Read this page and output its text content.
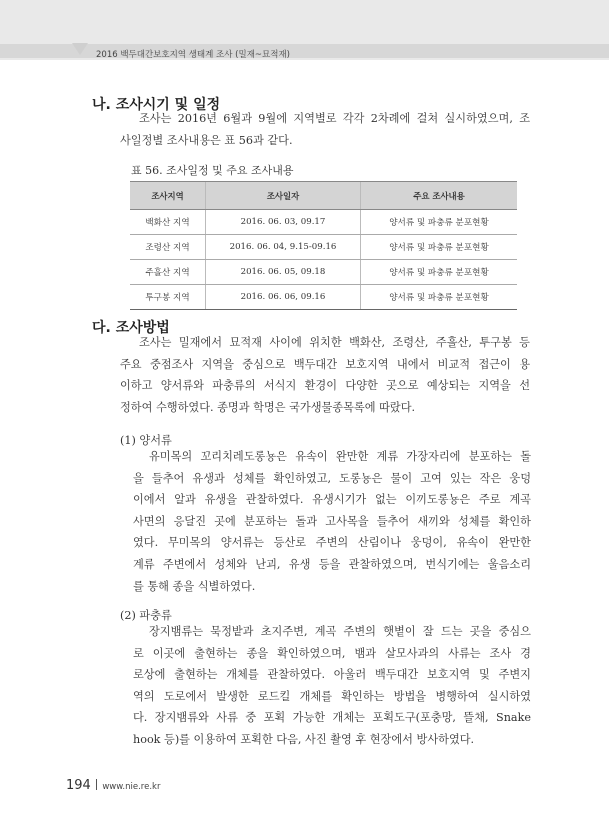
2016 백두대간보호지역 생태계 조사 (밀재~묘적재)
나. 조사시기 및 일정
조사는 2016년 6월과 9월에 지역별로 각각 2차례에 걸쳐 실시하였으며, 조
사일정별 조사내용은 표 56과 같다.
표 56. 조사일정 및 주요 조사내용
조사지역	조사일자	주요 조사내용
백화산 지역	2016. 06. 03, 09.17	양서류 및 파충류 분포현황
조령산 지역	2016. 06. 04, 9.15-09.16	양서류 및 파충류 분포현황
주흘산 지역	2016. 06. 05, 09.18	양서류 및 파충류 분포현황
투구봉 지역	2016. 06. 06, 09.16	양서류 및 파충류 분포현황
다. 조사방법
조사는 밀재에서 묘적재 사이에 위치한 백화산, 조령산, 주흘산, 투구봉 등
주요 중점조사 지역을 중심으로 백두대간 보호지역 내에서 비교적 접근이 용
이하고 양서류와 파충류의 서식지 환경이 다양한 곳으로 예상되는 지역을 선
정하여 수행하였다. 종명과 학명은 국가생물종목록에 따랐다.
(1) 양서류
유미목의 꼬리치레도롱뇽은 유속이 완만한 계류 가장자리에 분포하는 돌
을 들추어 유생과 성체를 확인하였고, 도롱뇽은 물이 고여 있는 작은 웅덩
이에서 알과 유생을 관찰하였다. 유생시기가 없는 이끼도롱뇽은 주로 계곡
사면의 응달진 곳에 분포하는 돌과 고사목을 들추어 새끼와 성체를 확인하
였다. 무미목의 양서류는 등산로 주변의 산림이나 웅덩이, 유속이 완만한
계류 주변에서 성체와 난괴, 유생 등을 관찰하였으며, 번식기에는 울음소리
를 통해 종을 식별하였다.
(2) 파충류
장지뱀류는 묵정밭과 초지주변, 계곡 주변의 햇볕이 잘 드는 곳을 중심으
로 이곳에 출현하는 종을 확인하였으며, 뱀과 살모사과의 사류는 조사 경
로상에 출현하는 개체를 관찰하였다. 아울러 백두대간 보호지역 및 주변지
역의 도로에서 발생한 로드킬 개체를 확인하는 방법을 병행하여 실시하였
다. 장지뱀류와 사류 중 포획 가능한 개체는 포획도구(포충망, 뜰채, Snake
hook 등)를 이용하여 포획한 다음, 사진 촬영 후 현장에서 방사하였다.
194 www.nie.re.kr
